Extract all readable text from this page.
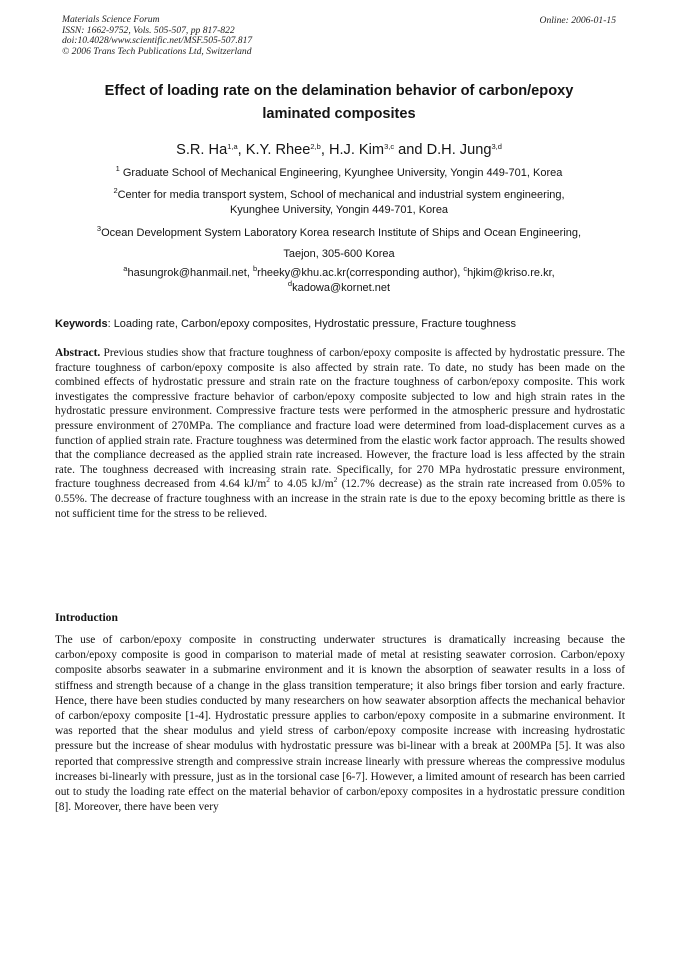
Materials Science Forum
ISSN: 1662-9752, Vols. 505-507, pp 817-822
doi:10.4028/www.scientific.net/MSF.505-507.817
© 2006 Trans Tech Publications Ltd, Switzerland
Online: 2006-01-15
Effect of loading rate on the delamination behavior of carbon/epoxy
laminated composites
S.R. Ha$^{1,a}$, K.Y. Rhee$^{2,b}$, H.J. Kim$^{3,c}$ and D.H. Jung$^{3,d}$
$^1$ Graduate School of Mechanical Engineering, Kyunghee University, Yongin 449-701, Korea
$^2$Center for media transport system, School of mechanical and industrial system engineering,
Kyunghee University, Yongin 449-701, Korea
$^3$Ocean Development System Laboratory Korea research Institute of Ships and Ocean Engineering,
Taejon, 305-600 Korea
$^a$hasungrok@hanmail.net, $^b$rheeky@khu.ac.kr(corresponding author), $^c$hjkim@kriso.re.kr,
$^d$kadowa@kornet.net
Keywords: Loading rate, Carbon/epoxy composites, Hydrostatic pressure, Fracture toughness
Abstract. Previous studies show that fracture toughness of carbon/epoxy composite is affected by hydrostatic pressure. The fracture toughness of carbon/epoxy composite is also affected by strain rate. To date, no study has been made on the combined effects of hydrostatic pressure and strain rate on the fracture toughness of carbon/epoxy composite. This work investigates the compressive fracture behavior of carbon/epoxy composite subjected to low and high strain rates in the hydrostatic pressure environment. Compressive fracture tests were performed in the atmospheric pressure and hydrostatic pressure environment of 270MPa. The compliance and fracture load were determined from load-displacement curves as a function of applied strain rate. Fracture toughness was determined from the elastic work factor approach. The results showed that the compliance decreased as the applied strain rate increased. However, the fracture load is less affected by the strain rate. The toughness decreased with increasing strain rate. Specifically, for 270 MPa hydrostatic pressure environment, fracture toughness decreased from 4.64 $kJ/m^2$ to 4.05 $kJ/m^2$ (12.7% decrease) as the strain rate increased from 0.05% to 0.55%. The decrease of fracture toughness with an increase in the strain rate is due to the epoxy becoming brittle as there is not sufficient time for the stress to be relieved.
Introduction
The use of carbon/epoxy composite in constructing underwater structures is dramatically increasing because the carbon/epoxy composite is good in comparison to material made of metal at resisting seawater corrosion. Carbon/epoxy composite absorbs seawater in a submarine environment and it is known the absorption of seawater results in a loss of stiffness and strength because of a change in the glass transition temperature; it also brings fiber torsion and early fracture. Hence, there have been studies conducted by many researchers on how seawater absorption affects the mechanical behavior of carbon/epoxy composite [1-4]. Hydrostatic pressure applies to carbon/epoxy composite in a submarine environment. It was reported that the shear modulus and yield stress of carbon/epoxy composite increase with increasing hydrostatic pressure but the increase of shear modulus with hydrostatic pressure was bi-linear with a break at 200MPa [5]. It was also reported that compressive strength and compressive strain increase linearly with pressure whereas the compressive modulus increases bi-linearly with pressure, just as in the torsional case [6-7]. However, a limited amount of research has been carried out to study the loading rate effect on the material behavior of carbon/epoxy composites in a hydrostatic pressure condition [8]. Moreover, there have been very
